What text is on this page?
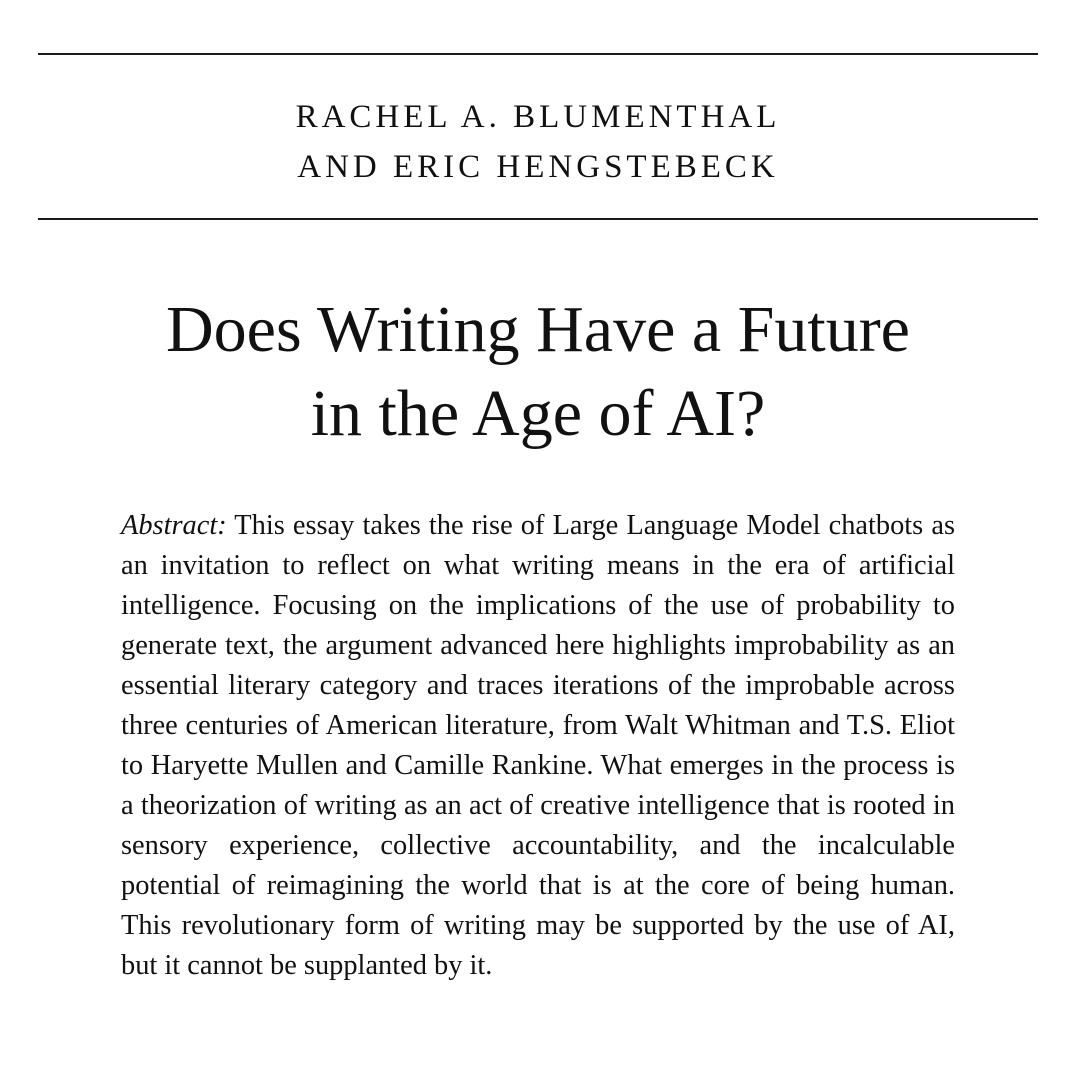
RACHEL A. BLUMENTHAL
AND ERIC HENGSTEBECK
Does Writing Have a Future
in the Age of AI?

Abstract: This essay takes the rise of Large Language Model chatbots as an invitation to reflect on what writing means in the era of artificial intelligence. Focusing on the implications of the use of probability to generate text, the argument advanced here highlights improbability as an essential literary category and traces iterations of the improbable across three centuries of American literature, from Walt Whitman and T.S. Eliot to Haryette Mullen and Camille Rankine. What emerges in the process is a theorization of writing as an act of creative intelligence that is rooted in sensory experience, collective accountability, and the incalculable potential of reimagining the world that is at the core of being human. This revolutionary form of writing may be supported by the use of AI, but it cannot be supplanted by it.
